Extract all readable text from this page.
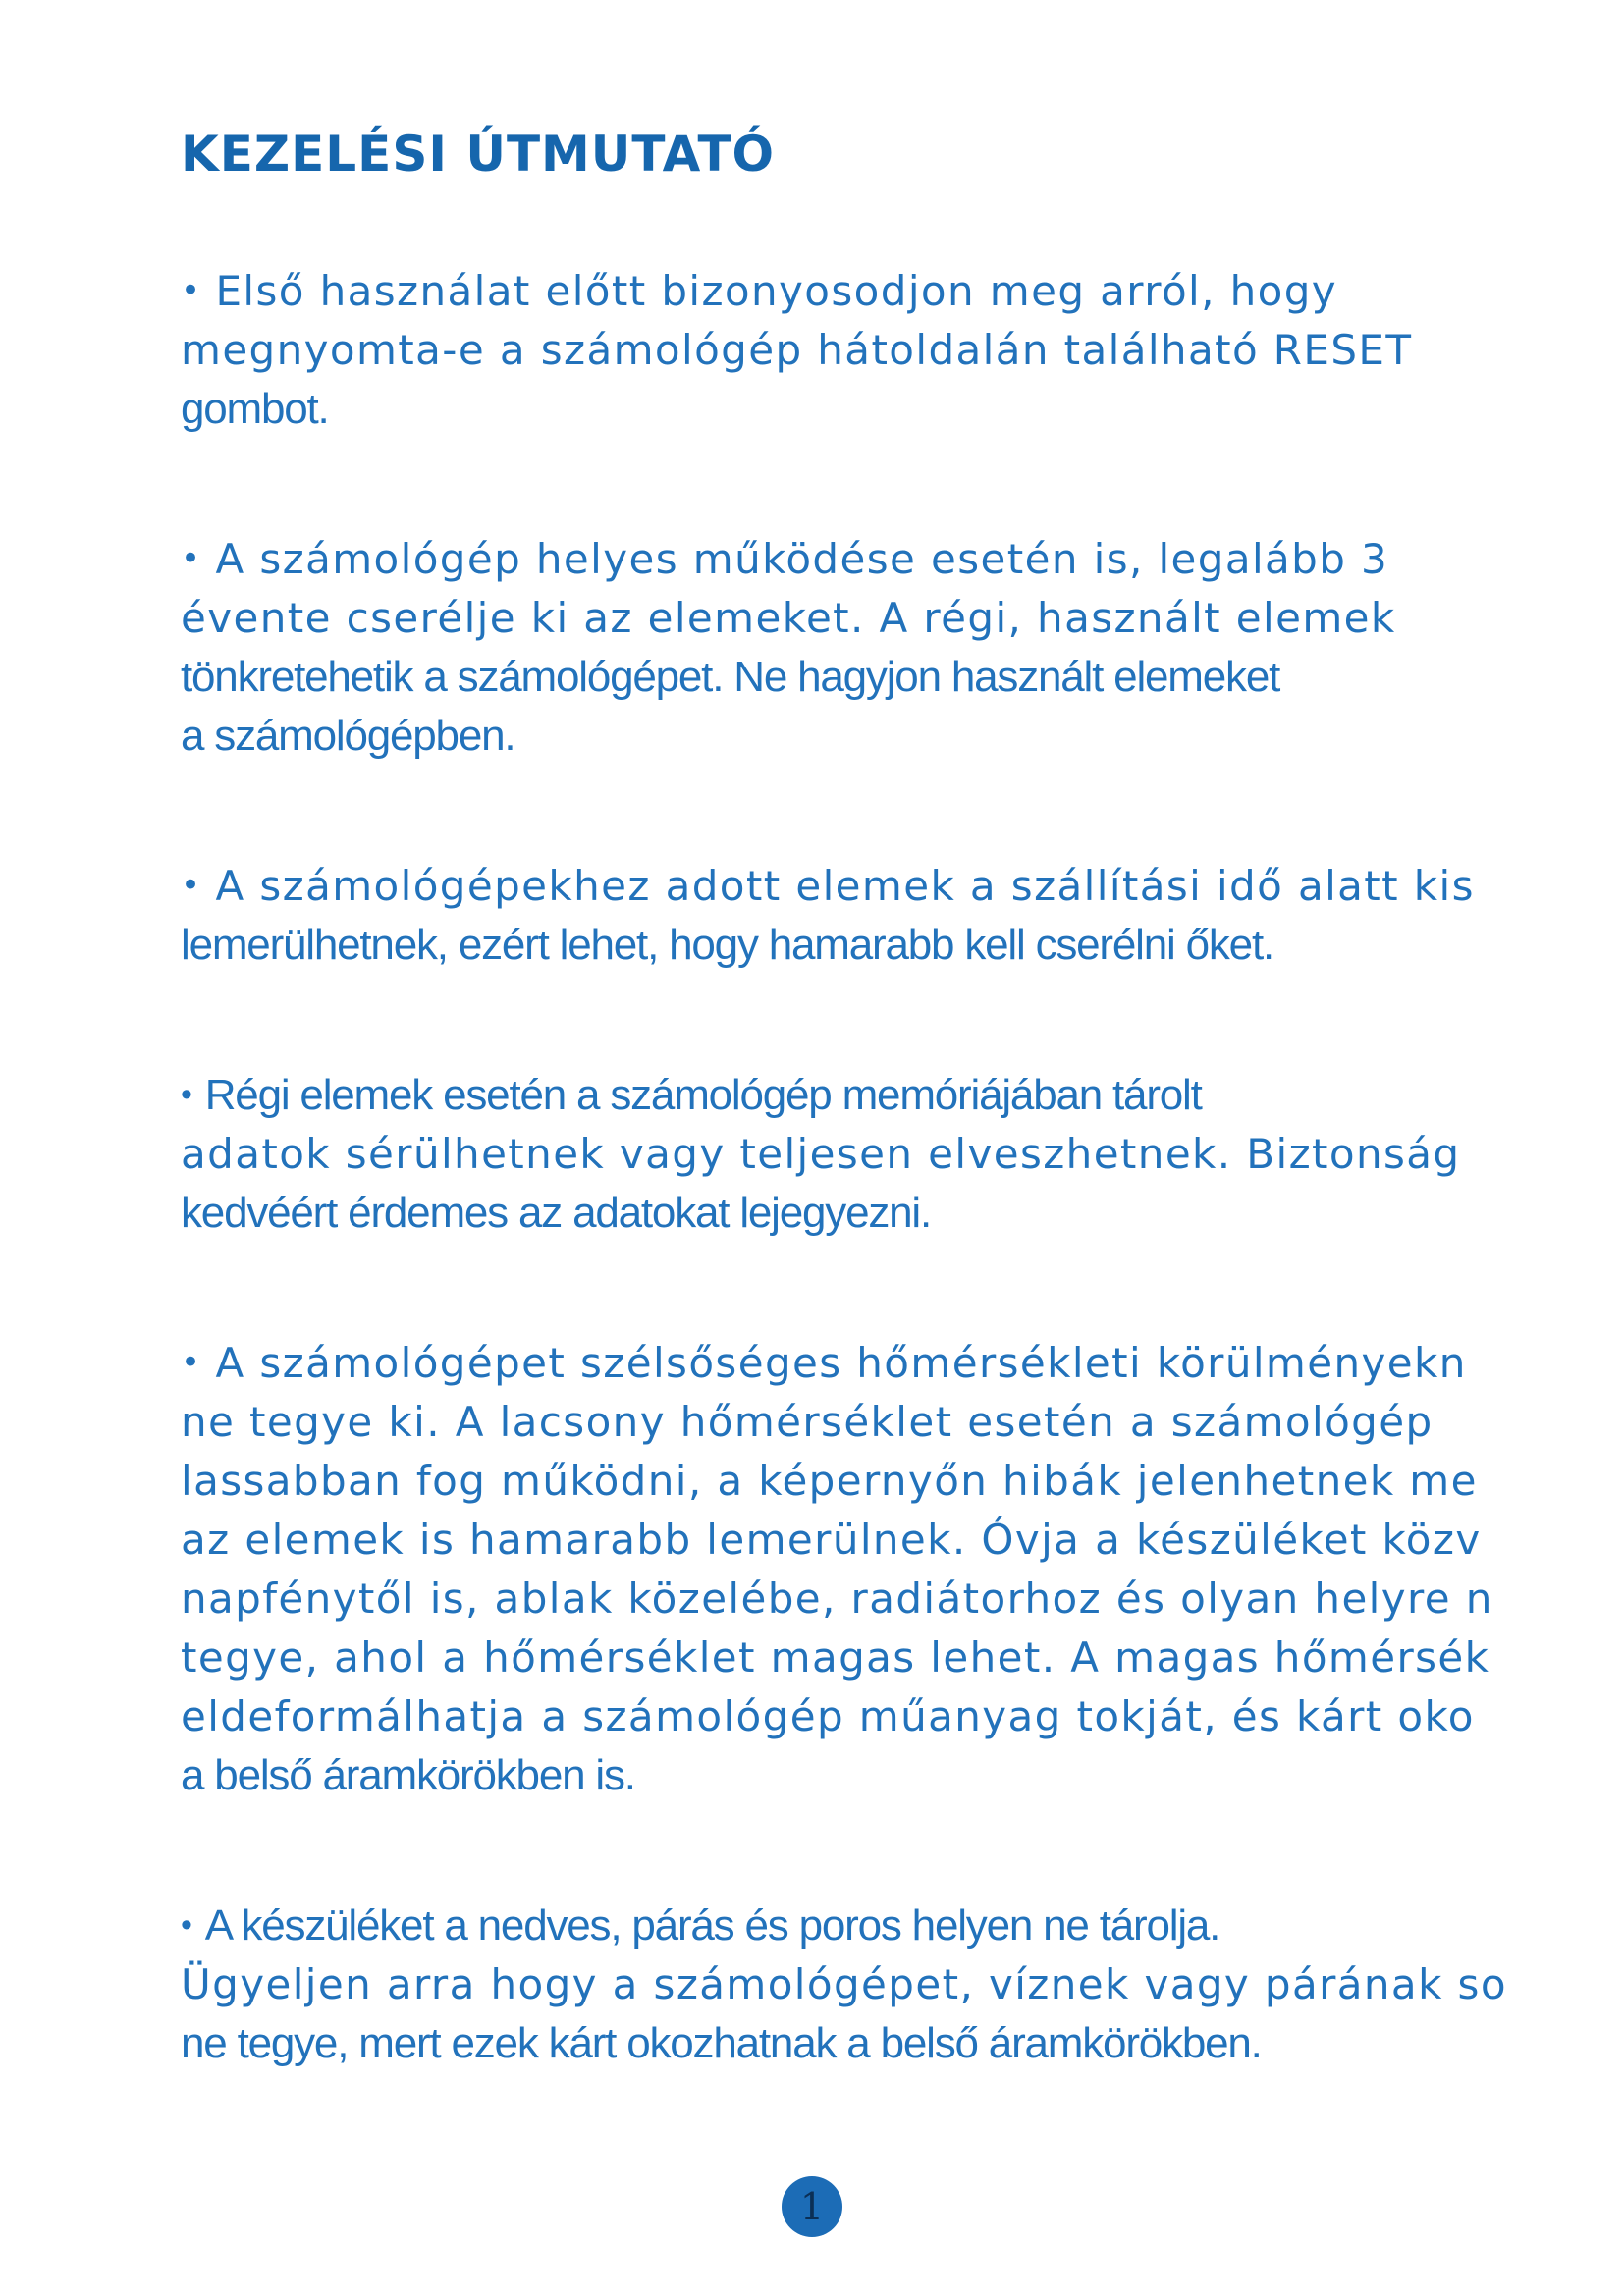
KEZELÉSI ÚTMUTATÓ
• Első használat előtt bizonyosodjon meg arról, hogy
megnyomta-e a számológép hátoldalán található RESET
gombot.
• A számológép helyes működése esetén is, legalább 3
évente cserélje ki az elemeket. A régi, használt elemek
tönkretehetik a számológépet. Ne hagyjon használt elemeket
a számológépben.
• A számológépekhez adott elemek a szállítási idő alatt kis
lemerülhetnek, ezért lehet, hogy hamarabb kell cserélni őket.
• Régi elemek esetén a számológép memóriájában tárolt
adatok sérülhetnek vagy teljesen elveszhetnek. Biztonság
kedvéért érdemes az adatokat lejegyezni.
• A számológépet szélsőséges hőmérsékleti körülményekn
ne tegye ki. A lacsony hőmérséklet esetén a számológép
lassabban fog működni, a képernyőn hibák jelenhetnek me
az elemek is hamarabb lemerülnek. Óvja a készüléket közv
napfénytől is, ablak közelébe, radiátorhoz és olyan helyre n
tegye, ahol a hőmérséklet magas lehet. A magas hőmérsék
eldeformálhatja a számológép műanyag tokját, és kárt oko
a belső áramkörökben is.
• A készüléket a nedves, párás és poros helyen ne tárolja.
Ügyeljen arra hogy a számológépet, víznek vagy párának so
ne tegye, mert ezek kárt okozhatnak a belső áramkörökben.
1
